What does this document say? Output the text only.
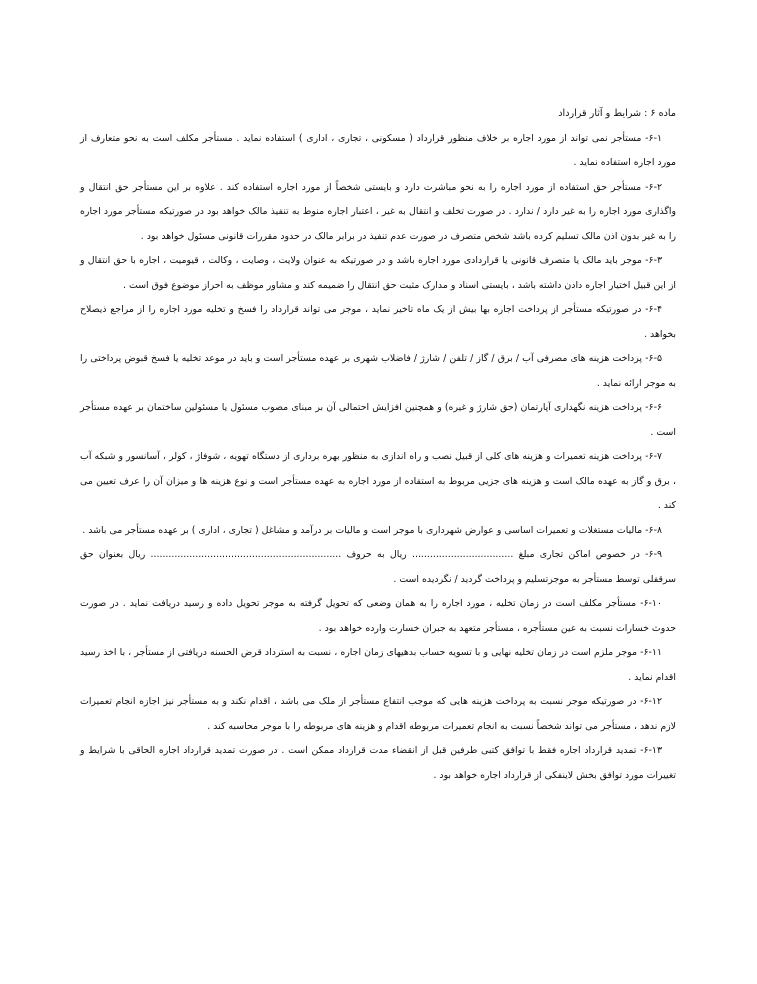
ماده ۶ : شرایط و آثار قرارداد

۶-۱- مستأجر نمی تواند از مورد اجاره بر خلاف منظور قرارداد ( مسکونی ، تجاری ، اداری ) استفاده نماید . مستأجر مکلف است به نحو متعارف از مورد اجاره استفاده نماید .

۶-۲- مستأجر حق استفاده از مورد اجاره را به نحو مباشرت دارد و بایستی شخصاً از مورد اجاره استفاده کند . علاوه بر این مستأجر حق انتقال و واگذاری مورد اجاره را به غیر دارد / ندارد . در صورت تخلف و انتقال به غیر ، اعتبار اجاره منوط به تنفیذ مالک خواهد بود در صورتیکه مستأجر مورد اجاره را به غیر بدون اذن مالک تسلیم کرده باشد شخص متصرف در صورت عدم تنفیذ در برابر مالک در حدود مقررات قانونی مسئول خواهد بود .

۶-۳- موجر باید مالک یا متصرف قانونی یا قراردادی مورد اجاره باشد و در صورتیکه به عنوان ولایت ، وصایت ، وکالت ، قیومیت ، اجاره با حق انتقال و از این قبیل اختیار اجاره دادن داشته باشد ، بایستی اسناد و مدارک مثبت حق انتقال را ضمیمه کند و مشاور موظف به احراز موضوع فوق است .

۶-۴- در صورتیکه مستأجر از پرداخت اجاره بها بیش از یک ماه تاخیر نماید ، موجر می تواند قرارداد را فسخ و تخلیه مورد اجاره را از مراجع ذیصلاح بخواهد .

۶-۵- پرداخت هزینه های مصرفی آب / برق / گاز / تلفن / شارژ / فاضلاب شهری بر عهده مستأجر است و باید در موعد تخلیه یا فسخ قبوض پرداختی را به موجر ارائه نماید .

۶-۶- پرداخت هزینه نگهداری آپارتمان (حق شارژ و غیره) و همچنین افزایش احتمالی آن بر مبنای مصوب مسئول یا مسئولین ساختمان بر عهده مستأجر است .

۶-۷- پرداخت هزینه تعمیرات و هزینه های کلی از قبیل نصب و راه اندازی به منظور بهره برداری از دستگاه تهویه ، شوفاژ ، کولر ، آسانسور و شبکه آب ، برق و گاز به عهده مالک است و هزینه های جزیی مربوط به استفاده از مورد اجاره به عهده مستأجر است و نوع هزینه ها و میزان آن را عرف تعیین می کند .

۶-۸- مالیات مستغلات و تعمیرات اساسی و عوارض شهرداری با موجر است و مالیات بر درآمد و مشاغل ( تجاری ، اداری ) بر عهده مستأجر می باشد .

۶-۹- در خصوص اماکن تجاری مبلغ .................................. ریال به حروف ................................................................ ریال بعنوان حق سرقفلی توسط مستأجر به موجرتسلیم و پرداخت گردید / نگردیده است .

۶-۱۰- مستأجر مکلف است در زمان تخلیه ، مورد اجاره را به همان وضعی که تحویل گرفته به موجر تحویل داده و رسید دریافت نماید . در صورت حدوث خسارات نسبت به عین مستأجره ، مستأجر متعهد به جبران خسارت وارده خواهد بود .

۶-۱۱- موجر ملزم است در زمان تخلیه نهایی و با تسویه حساب بدهیهای زمان اجاره ، نسبت به استرداد قرض الحسنه دریافتی از مستأجر ، با اخذ رسید اقدام نماید .

۶-۱۲- در صورتیکه موجر نسبت به پرداخت هزینه هایی که موجب انتفاع مستأجر از ملک می باشد ، اقدام نکند و به مستأجر نیز اجازه انجام تعمیرات لازم ندهد ، مستأجر می تواند شخصاً نسبت به انجام تعمیرات مربوطه اقدام و هزینه های مربوطه را با موجر محاسبه کند .

۶-۱۳- تمدید قرارداد اجاره فقط با توافق کتبی طرفین قبل از انقضاء مدت قرارداد ممکن است . در صورت تمدید قرارداد اجاره الحاقی با شرایط و تغییرات مورد توافق بخش لاینفکی از قرارداد اجاره خواهد بود .
